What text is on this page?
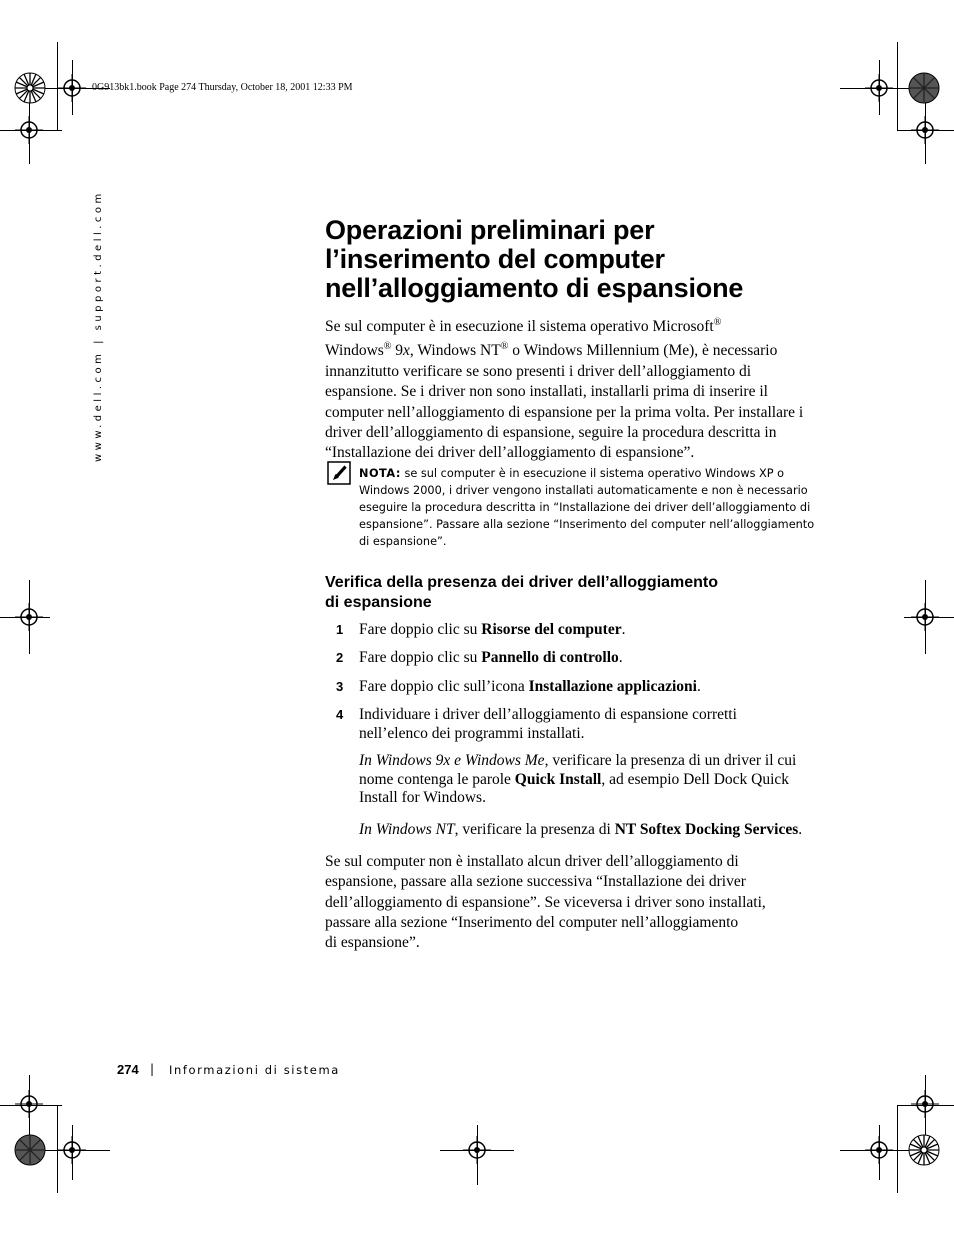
0G913bk1.book Page 274 Thursday, October 18, 2001 12:33 PM
www.dell.com | support.dell.com	Operazioni preliminari per
l’inserimento del computer
nell’alloggiamento di espansione

Se sul computer è in esecuzione il sistema operativo Microsoft®
Windows® 9x, Windows NT® o Windows Millennium (Me), è necessario innanzitutto verificare se sono presenti i driver dell’alloggiamento di espansione. Se i driver non sono installati, installarli prima di inserire il computer nell’alloggiamento di espansione per la prima volta. Per installare i driver dell’alloggiamento di espansione, seguire la procedura descritta in “Installazione dei driver dell’alloggiamento di espansione”.

NOTA: se sul computer è in esecuzione il sistema operativo Windows XP o Windows 2000, i driver vengono installati automaticamente e non è necessario eseguire la procedura descritta in “Installazione dei driver dell’alloggiamento di espansione”. Passare alla sezione “Inserimento del computer nell’alloggiamento di espansione”.

Verifica della presenza dei driver dell’alloggiamento
di espansione
1 Fare doppio clic su Risorse del computer.
2 Fare doppio clic su Pannello di controllo.
3 Fare doppio clic sull’icona Installazione applicazioni.
4 Individuare i driver dell’alloggiamento di espansione corretti nell’elenco dei programmi installati.

In Windows 9x e Windows Me, verificare la presenza di un driver il cui nome contenga le parole Quick Install, ad esempio Dell Dock Quick Install for Windows.

In Windows NT, verificare la presenza di NT Softex Docking Services.

Se sul computer non è installato alcun driver dell’alloggiamento di
espansione, passare alla sezione successiva “Installazione dei driver
dell’alloggiamento di espansione”. Se viceversa i driver sono installati,
passare alla sezione “Inserimento del computer nell’alloggiamento
di espansione”.

274 | Informazioni di sistema
